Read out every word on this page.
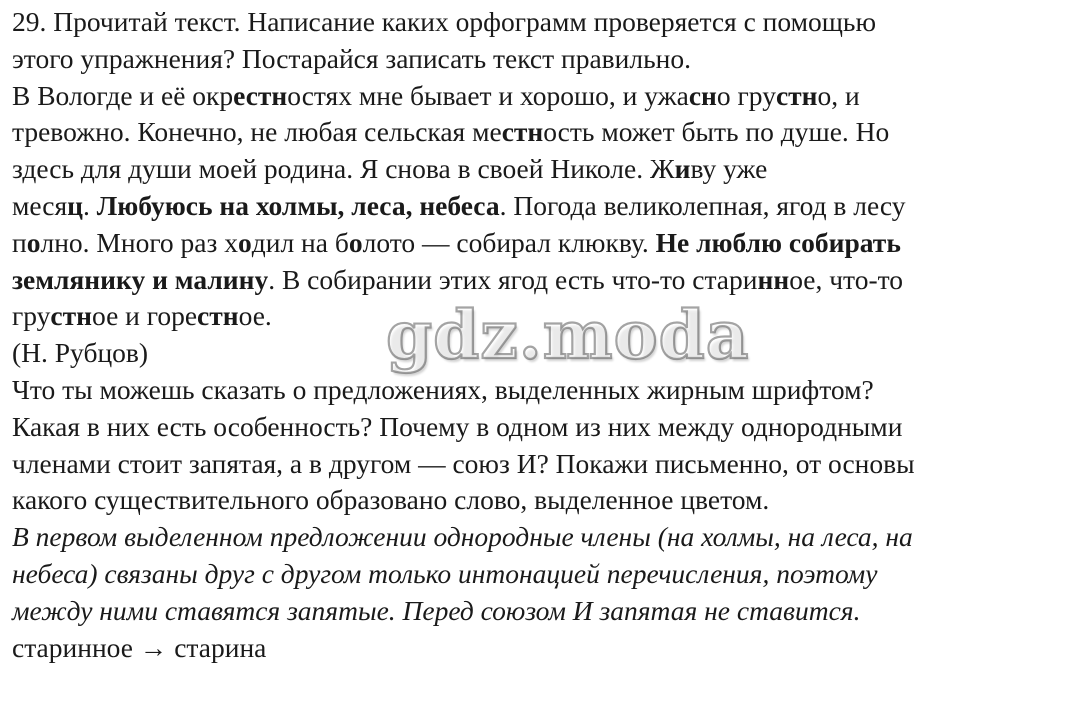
29. Прочитай текст. Написание каких орфограмм проверяется с помощью
этого упражнения? Постарайся записать текст правильно.
В Вологде и её окрестностях мне бывает и хорошо, и ужасно грустно, и
тревожно. Конечно, не любая сельская местность может быть по душе. Но
здесь для души моей родина. Я снова в своей Николе. Живу уже
месяц. Любуюсь на холмы, леса, небеса. Погода великолепная, ягод в лесу
полно. Много раз ходил на болото — собирал клюкву. Не люблю собирать
землянику и малину. В собирании этих ягод есть что-то старинное, что-то
грустное и горестное.
(Н. Рубцов)
Что ты можешь сказать о предложениях, выделенных жирным шрифтом?
Какая в них есть особенность? Почему в одном из них между однородными
членами стоит запятая, а в другом — союз И? Покажи письменно, от основы
какого существительного образовано слово, выделенное цветом.
В первом выделенном предложении однородные члены (на холмы, на леса, на
небеса) связаны друг с другом только интонацией перечисления, поэтому
между ними ставятся запятые. Перед союзом И запятая не ставится.
старинное → старина
gdz.moda
